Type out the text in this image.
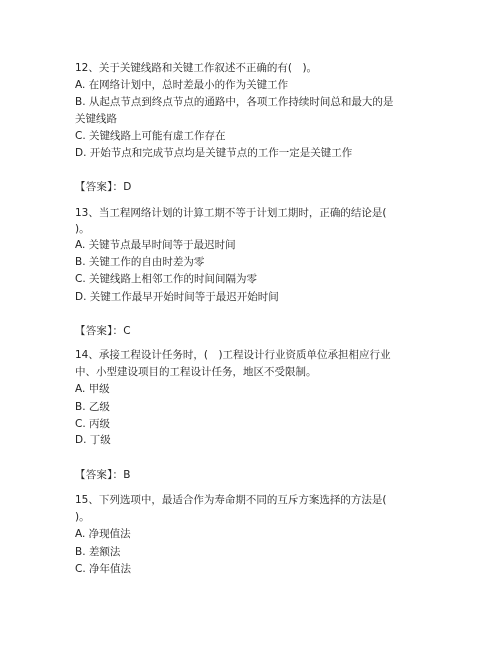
12、关于关键线路和关键工作叙述不正确的有(　)。
A. 在网络计划中，总时差最小的作为关键工作
B. 从起点节点到终点节点的通路中，各项工作持续时间总和最大的是
关键线路
C. 关键线路上可能有虚工作存在
D. 开始节点和完成节点均是关键节点的工作一定是关键工作
【答案】：D
13、当工程网络计划的计算工期不等于计划工期时，正确的结论是(
)。
A. 关键节点最早时间等于最迟时间
B. 关键工作的自由时差为零
C. 关键线路上相邻工作的时间间隔为零
D. 关键工作最早开始时间等于最迟开始时间
【答案】：C
14、承接工程设计任务时，(　)工程设计行业资质单位承担相应行业
中、小型建设项目的工程设计任务，地区不受限制。
A. 甲级
B. 乙级
C. 丙级
D. 丁级
【答案】：B
15、下列选项中，最适合作为寿命期不同的互斥方案选择的方法是(
)。
A. 净现值法
B. 差额法
C. 净年值法
